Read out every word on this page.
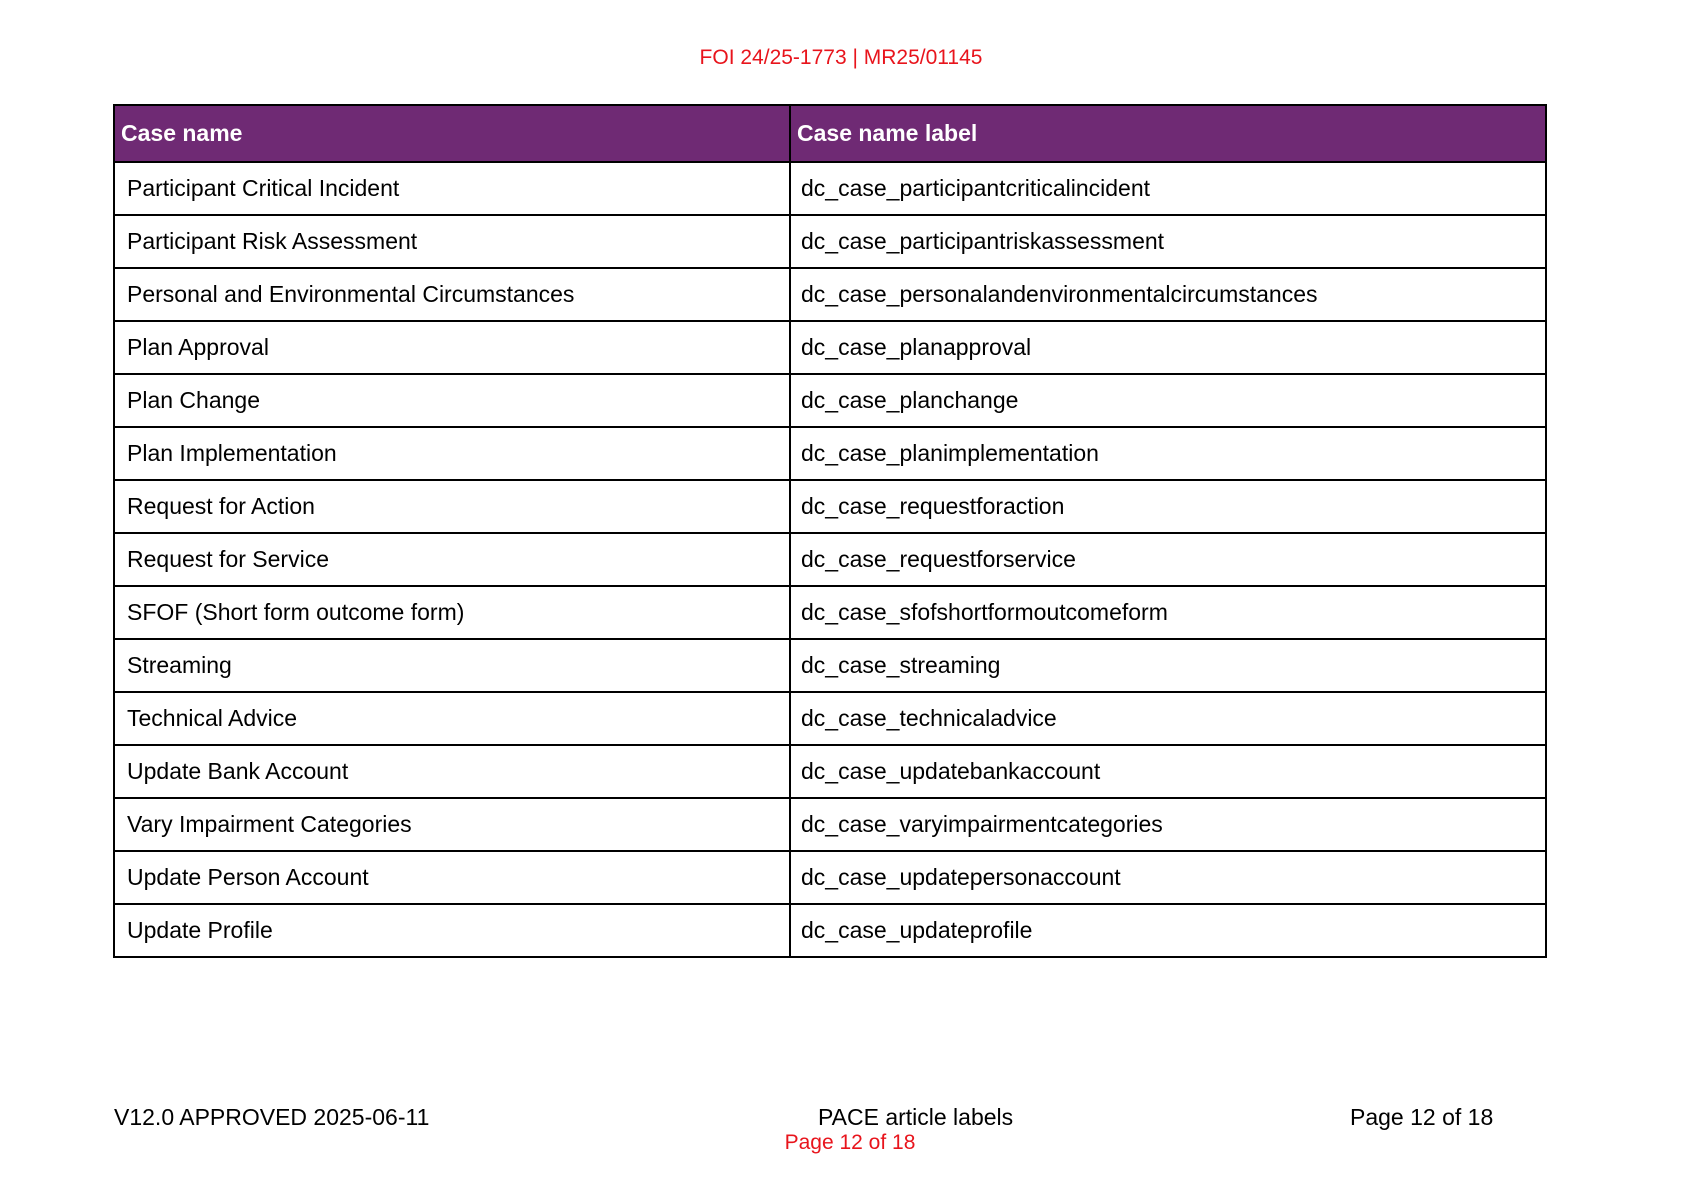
FOI 24/25-1773 | MR25/01145
Case name	Case name label
Participant Critical Incident	dc_case_participantcriticalincident
Participant Risk Assessment	dc_case_participantriskassessment
Personal and Environmental Circumstances	dc_case_personalandenvironmentalcircumstances
Plan Approval	dc_case_planapproval
Plan Change	dc_case_planchange
Plan Implementation	dc_case_planimplementation
Request for Action	dc_case_requestforaction
Request for Service	dc_case_requestforservice
SFOF (Short form outcome form)	dc_case_sfofshortformoutcomeform
Streaming	dc_case_streaming
Technical Advice	dc_case_technicaladvice
Update Bank Account	dc_case_updatebankaccount
Vary Impairment Categories	dc_case_varyimpairmentcategories
Update Person Account	dc_case_updatepersonaccount
Update Profile	dc_case_updateprofile
V12.0 APPROVED 2025-06-11	PACE article labels	Page 12 of 18
Page 12 of 18
